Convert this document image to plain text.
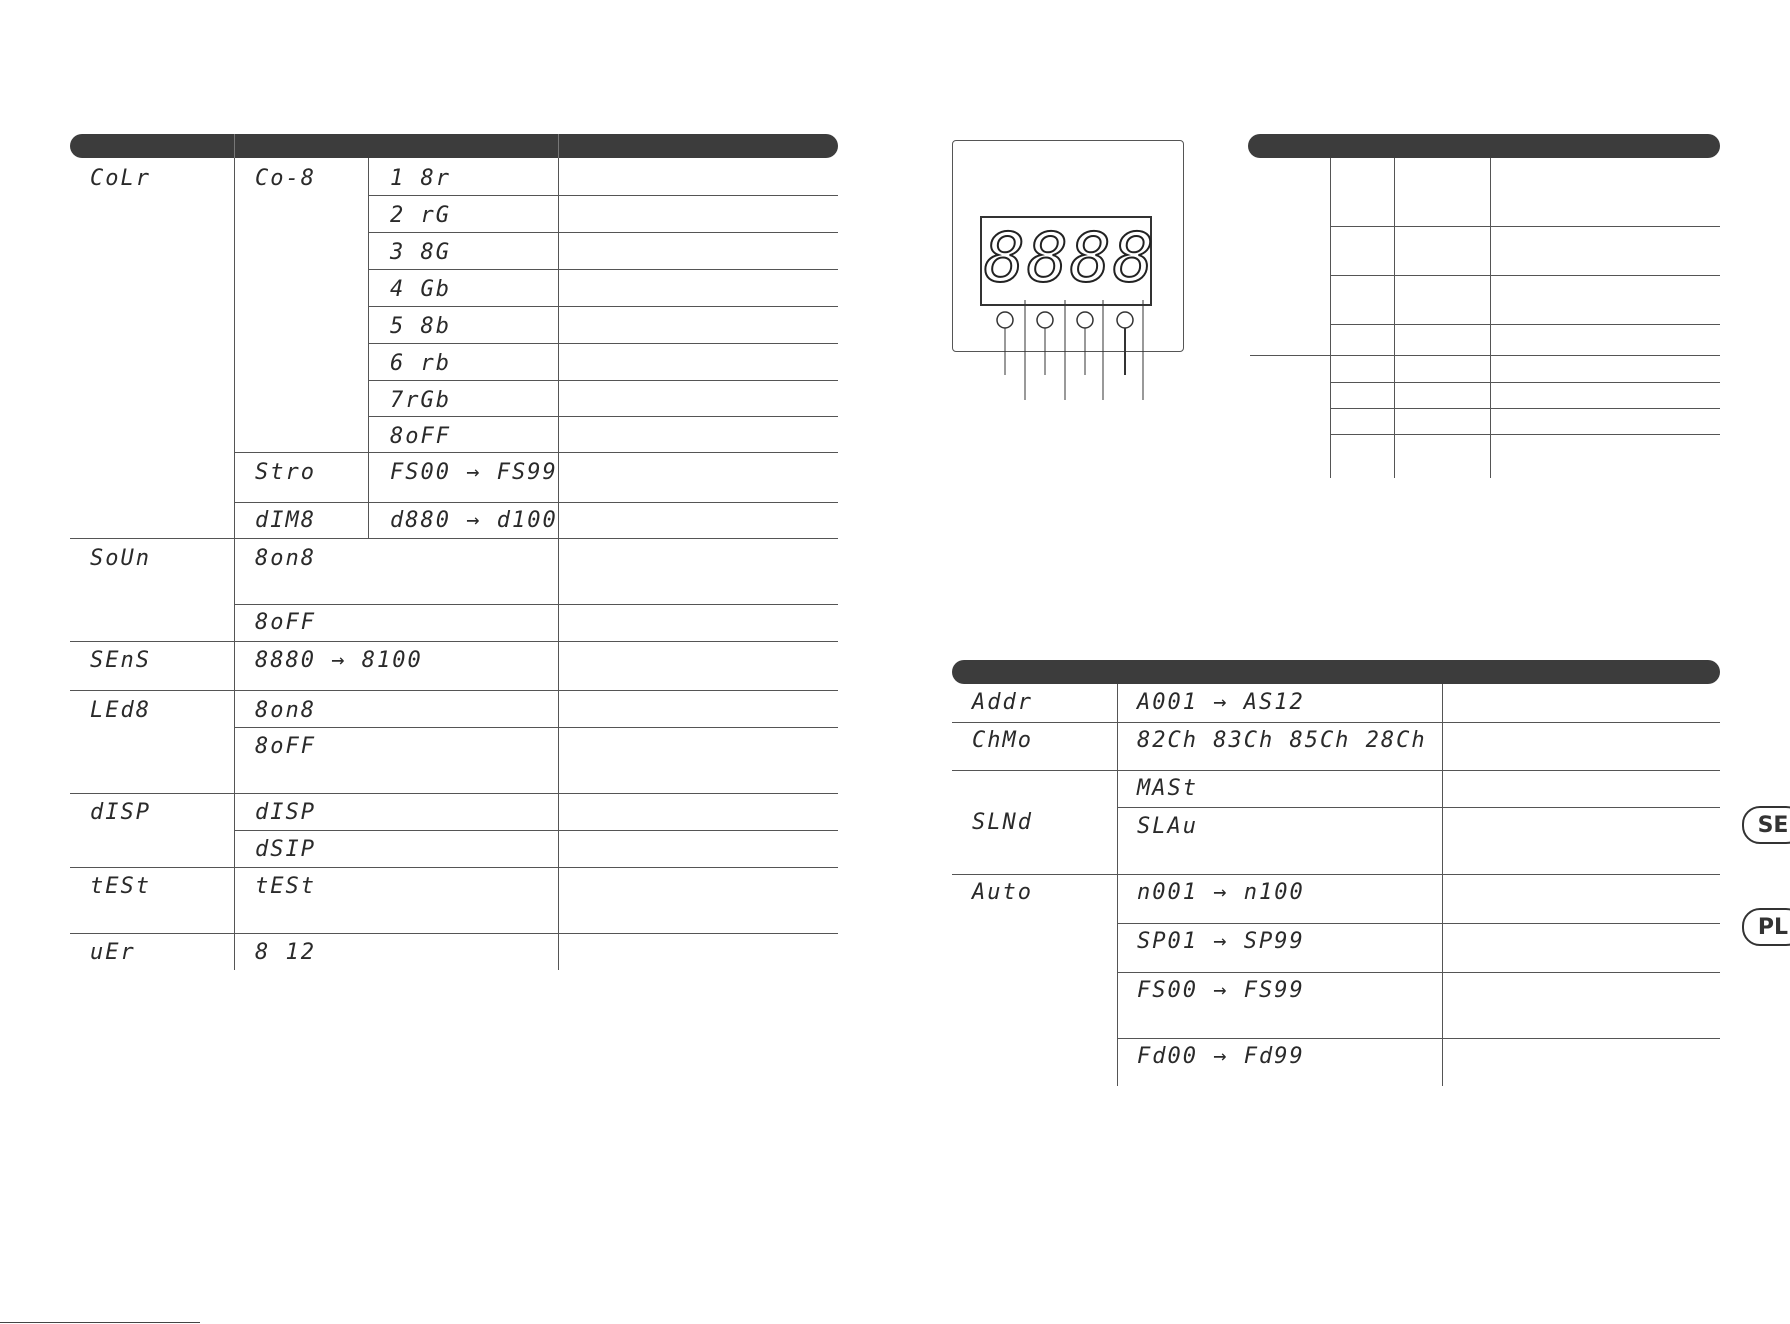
CoLr
SoUn
SEnS
LEd8
dISP
tESt
uEr
Co-8
Stro
dIM8
8on8
8oFF
8880 → 8100
8on8
8oFF
dISP
dSIP
tESt
8 12
1 8r
2 rG
3 8G
4 Gb
5 8b
6 rb
7rGb
8oFF
FS00 → FS99
d880 → d100
8888
Addr
ChMo
SLNd
Auto
A001 → AS12
82Ch 83Ch 85Ch 28Ch
MASt
SLAu
n001 → n100
SP01 → SP99
FS00 → FS99
Fd00 → Fd99
SE
PL
